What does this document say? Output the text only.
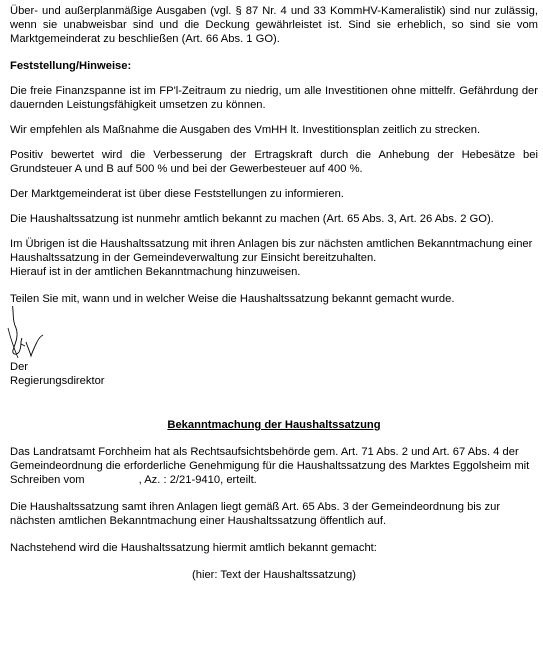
Über- und außerplanmäßige Ausgaben (vgl. § 87 Nr. 4 und 33 KommHV-Kameralistik) sind nur zulässig, wenn sie unabweisbar sind und die Deckung gewährleistet ist. Sind sie erheblich, so sind sie vom Marktgemeinderat zu beschließen (Art. 66 Abs. 1 GO).

Feststellung/Hinweise:

Die freie Finanzspanne ist im FP'l-Zeitraum zu niedrig, um alle Investitionen ohne mittelfr. Gefährdung der dauernden Leistungsfähigkeit umsetzen zu können.

Wir empfehlen als Maßnahme die Ausgaben des VmHH lt. Investitionsplan zeitlich zu strecken.

Positiv bewertet wird die Verbesserung der Ertragskraft durch die Anhebung der Hebesätze bei Grundsteuer A und B auf 500 % und bei der Gewerbesteuer auf 400 %.

Der Marktgemeinderat ist über diese Feststellungen zu informieren.

Die Haushaltssatzung ist nunmehr amtlich bekannt zu machen (Art. 65 Abs. 3, Art. 26 Abs. 2 GO).

Im Übrigen ist die Haushaltssatzung mit ihren Anlagen bis zur nächsten amtlichen Bekanntmachung einer Haushaltssatzung in der Gemeindeverwaltung zur Einsicht bereitzuhalten.
Hierauf ist in der amtlichen Bekanntmachung hinzuweisen.

Teilen Sie mit, wann und in welcher Weise die Haushaltssatzung bekannt gemacht wurde.

Der

Regierungsdirektor

Bekanntmachung der Haushaltssatzung

Das Landratsamt Forchheim hat als Rechtsaufsichtsbehörde gem. Art. 71 Abs. 2 und Art. 67 Abs. 4 der Gemeindeordnung die erforderliche Genehmigung für die Haushaltssatzung des Marktes Eggolsheim mit Schreiben vom	, Az. : 2/21-9410, erteilt.

Die Haushaltssatzung samt ihren Anlagen liegt gemäß Art. 65 Abs. 3 der Gemeindeordnung bis zur nächsten amtlichen Bekanntmachung einer Haushaltssatzung öffentlich auf.

Nachstehend wird die Haushaltssatzung hiermit amtlich bekannt gemacht:

(hier: Text der Haushaltssatzung)
